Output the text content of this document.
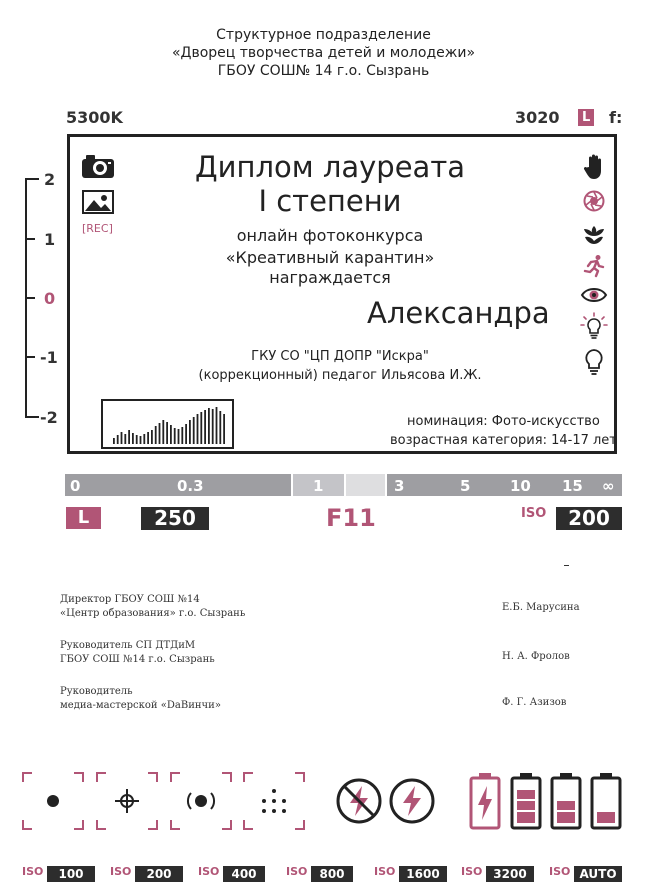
Структурное подразделение
«Дворец творчества детей и молодежи»
ГБОУ СОШ№ 14 г.о. Сызрань
5300K	3020	L f:
2
1
0
-1
-2
[REC]
Диплом лауреата
I степени
онлайн фотоконкурса
«Креативный карантин»
награждается
Александра
ГКУ СО "ЦП ДОПР "Искра"
(коррекционный) педагог Ильясова И.Ж.
номинация: Фото-искусство
возрастная категория: 14-17 лет
0	0.3	1	3	5	10 15 ∞
L	250	F11	ISO	200
Директор ГБОУ СОШ №14
«Центр образования» г.о. Сызрань
Е.Б. Марусина
Руководитель СП ДТДиМ
ГБОУ СОШ №14 г.о. Сызрань	Н. А. Фролов
Руководитель
медиа-мастерской «DaВинчи»	Ф. Г. Азизов
ISO	100	ISO	200	ISO	400	ISO	800	ISO 1600	ISO 3200	ISO AUTO
